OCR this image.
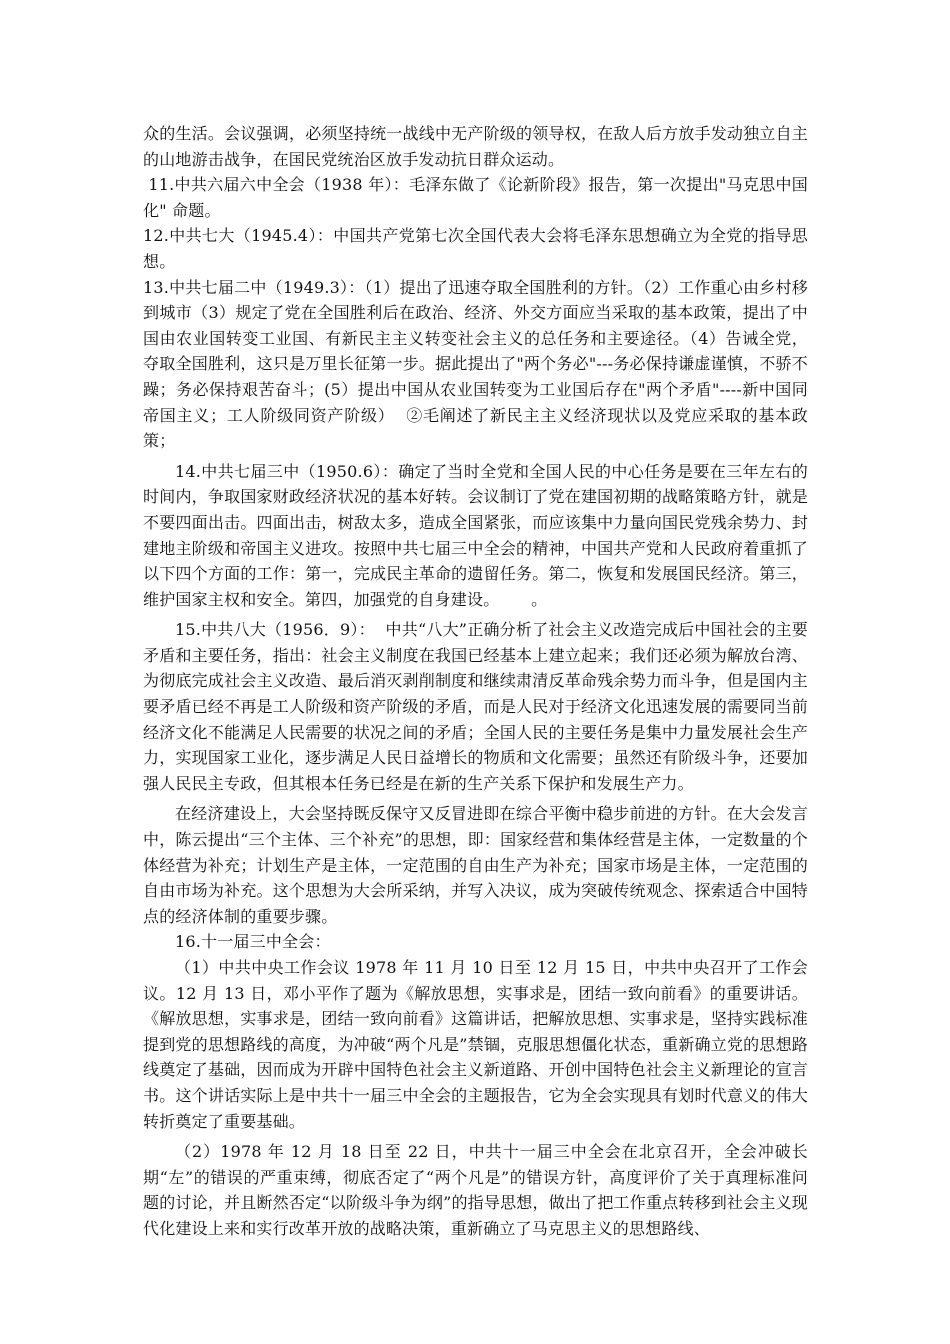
众的生活。会议强调，必须坚持统一战线中无产阶级的领导权，在敌人后方放手发动独立自主的山地游击战争，在国民党统治区放手发动抗日群众运动。

11.中共六届六中全会（1938 年）：毛泽东做了《论新阶段》报告，第一次提出"马克思中国化" 命题。

12.中共七大（1945.4）：中国共产党第七次全国代表大会将毛泽东思想确立为全党的指导思想。

13.中共七届二中（1949.3）：（1）提出了迅速夺取全国胜利的方针。（2）工作重心由乡村移到城市（3）规定了党在全国胜利后在政治、经济、外交方面应当采取的基本政策，提出了中国由农业国转变工业国、有新民主主义转变社会主义的总任务和主要途径。（4）告诫全党，夺取全国胜利，这只是万里长征第一步。据此提出了"两个务必"---务必保持谦虚谨慎，不骄不躁；务必保持艰苦奋斗；(5）提出中国从农业国转变为工业国后存在"两个矛盾"----新中国同帝国主义；工人阶级同资产阶级）  ②毛阐述了新民主主义经济现状以及党应采取的基本政策；

14.中共七届三中（1950.6）：确定了当时全党和全国人民的中心任务是要在三年左右的时间内，争取国家财政经济状况的基本好转。会议制订了党在建国初期的战略策略方针，就是不要四面出击。四面出击，树敌太多，造成全国紧张，而应该集中力量向国民党残余势力、封建地主阶级和帝国主义进攻。按照中共七届三中全会的精神，中国共产党和人民政府着重抓了以下四个方面的工作：第一，完成民主革命的遗留任务。第二，恢复和发展国民经济。第三，维护国家主权和安全。第四，加强党的自身建设。      。

15.中共八大（1956．9）：  中共“八大”正确分析了社会主义改造完成后中国社会的主要矛盾和主要任务，指出：社会主义制度在我国已经基本上建立起来；我们还必须为解放台湾、为彻底完成社会主义改造、最后消灭剥削制度和继续肃清反革命残余势力而斗争，但是国内主要矛盾已经不再是工人阶级和资产阶级的矛盾，而是人民对于经济文化迅速发展的需要同当前经济文化不能满足人民需要的状况之间的矛盾；全国人民的主要任务是集中力量发展社会生产力，实现国家工业化，逐步满足人民日益增长的物质和文化需要；虽然还有阶级斗争，还要加强人民民主专政，但其根本任务已经是在新的生产关系下保护和发展生产力。

在经济建设上，大会坚持既反保守又反冒进即在综合平衡中稳步前进的方针。在大会发言中，陈云提出“三个主体、三个补充”的思想，即：国家经营和集体经营是主体，一定数量的个体经营为补充；计划生产是主体，一定范围的自由生产为补充；国家市场是主体，一定范围的自由市场为补充。这个思想为大会所采纳，并写入决议，成为突破传统观念、探索适合中国特点的经济体制的重要步骤。

16.十一届三中全会：

（1）中共中央工作会议 1978 年 11 月 10 日至 12 月 15 日，中共中央召开了工作会议。12 月 13 日，邓小平作了题为《解放思想，实事求是，团结一致向前看》的重要讲话。《解放思想，实事求是，团结一致向前看》这篇讲话，把解放思想、实事求是，坚持实践标准提到党的思想路线的高度，为冲破“两个凡是”禁锢，克服思想僵化状态，重新确立党的思想路线奠定了基础，因而成为开辟中国特色社会主义新道路、开创中国特色社会主义新理论的宣言书。这个讲话实际上是中共十一届三中全会的主题报告，它为全会实现具有划时代意义的伟大转折奠定了重要基础。

（2）1978 年 12 月 18 日至 22 日，中共十一届三中全会在北京召开，全会冲破长期“左”的错误的严重束缚，彻底否定了“两个凡是”的错误方针，高度评价了关于真理标准问题的讨论，并且断然否定“以阶级斗争为纲”的指导思想，做出了把工作重点转移到社会主义现代化建设上来和实行改革开放的战略决策，重新确立了马克思主义的思想路线、
